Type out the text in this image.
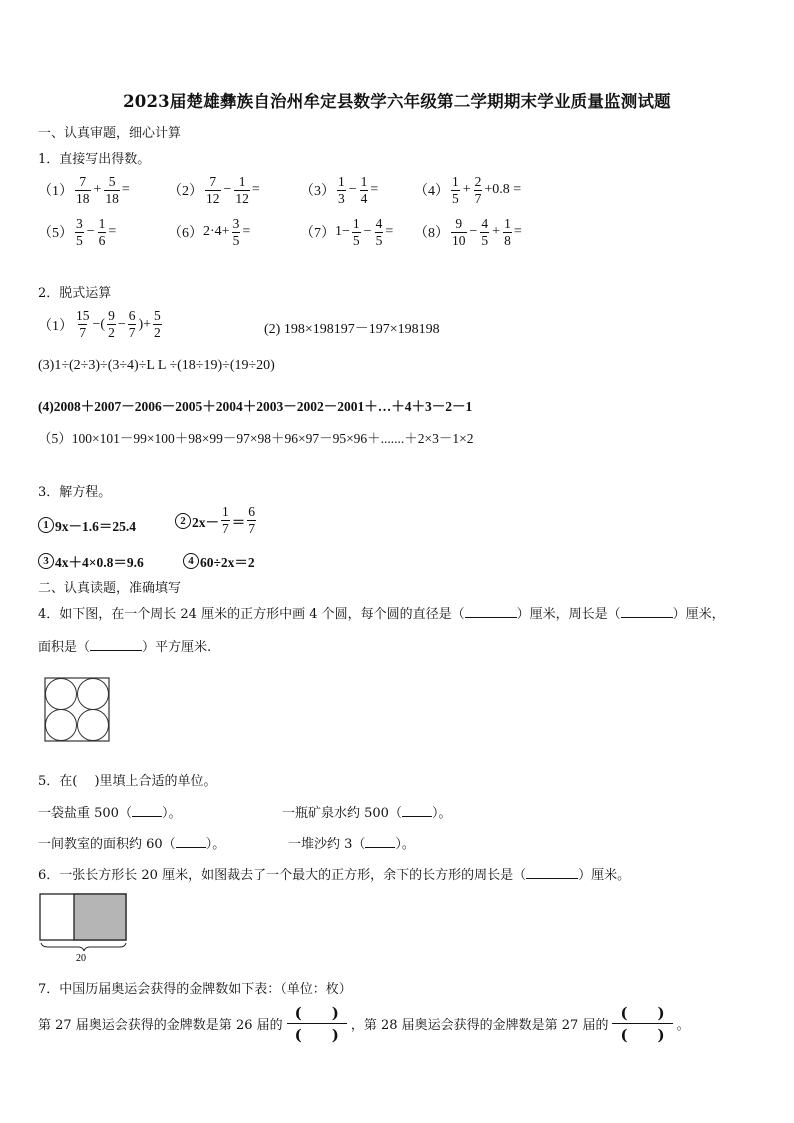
2023届楚雄彝族自治州牟定县数学六年级第二学期期末学业质量监测试题
一、认真审题，细心计算
1．直接写出得数。
$(1) \frac{7}{18} + \frac{5}{18}$ =	$(2) \frac{7}{12} - \frac{1}{12}$ =	$(3) \frac{1}{3} - \frac{1}{4}$ =	$(4) \frac{1}{5} + \frac{2}{7} +0.8$ =
$(5) \frac{3}{5} - \frac{1}{6}$ =	（6） $2\cdot 4+ \frac{3}{5}$ =	（7） $1- \frac{1}{5} - \frac{4}{5} = (8) \frac{9}{10} - \frac{4}{5} + \frac{1}{8}$ =
2．脱式运算
$(1) \frac{15}{7}$ −( $\frac{9}{2} - \frac{6}{7}$ )+ $\frac{5}{2}$	(2) 198×198197－197×198198
(3)1÷(2÷3)÷(3÷4)÷L L ÷(18÷19)÷(19÷20)
(4)2008＋2007－2006－2005＋2004＋2003－2002－2001＋…＋4＋3－2－1
（5）100×101－99×100＋98×99－97×98＋96×97－95×96＋.......＋2×3－1×2
3．解方程。
1 9x－1.6＝25.4	2 $2x- \frac{1}{7} = \frac{6}{7}$
3 4x＋4×0.8＝9.6	4 60÷2x＝2
二、认真读题，准确填写
4．如下图，在一个周长 24 厘米的正方形中画 4 个圆，每个圆的直径是（	）厘米，周长是（	）厘米，
面积是（	）平方厘米.
5．在(　 )里填上合适的单位。
一袋盐重 500（ ）。	一瓶矿泉水约 500（ ）。
一间教室的面积约 60（ ）。	一堆沙约 3（ ）。
6．一张长方形长 20 厘米，如图裁去了一个最大的正方形，余下的长方形的周长是（	）厘米。
20
7．中国历届奥运会获得的金牌数如下表：（单位：枚）
第 27 届奥运会获得的金牌数是第 26 届的
(　　)
(　　)
，第 28 届奥运会获得的金牌数是第 27 届的
(　　)
(　　)
。
